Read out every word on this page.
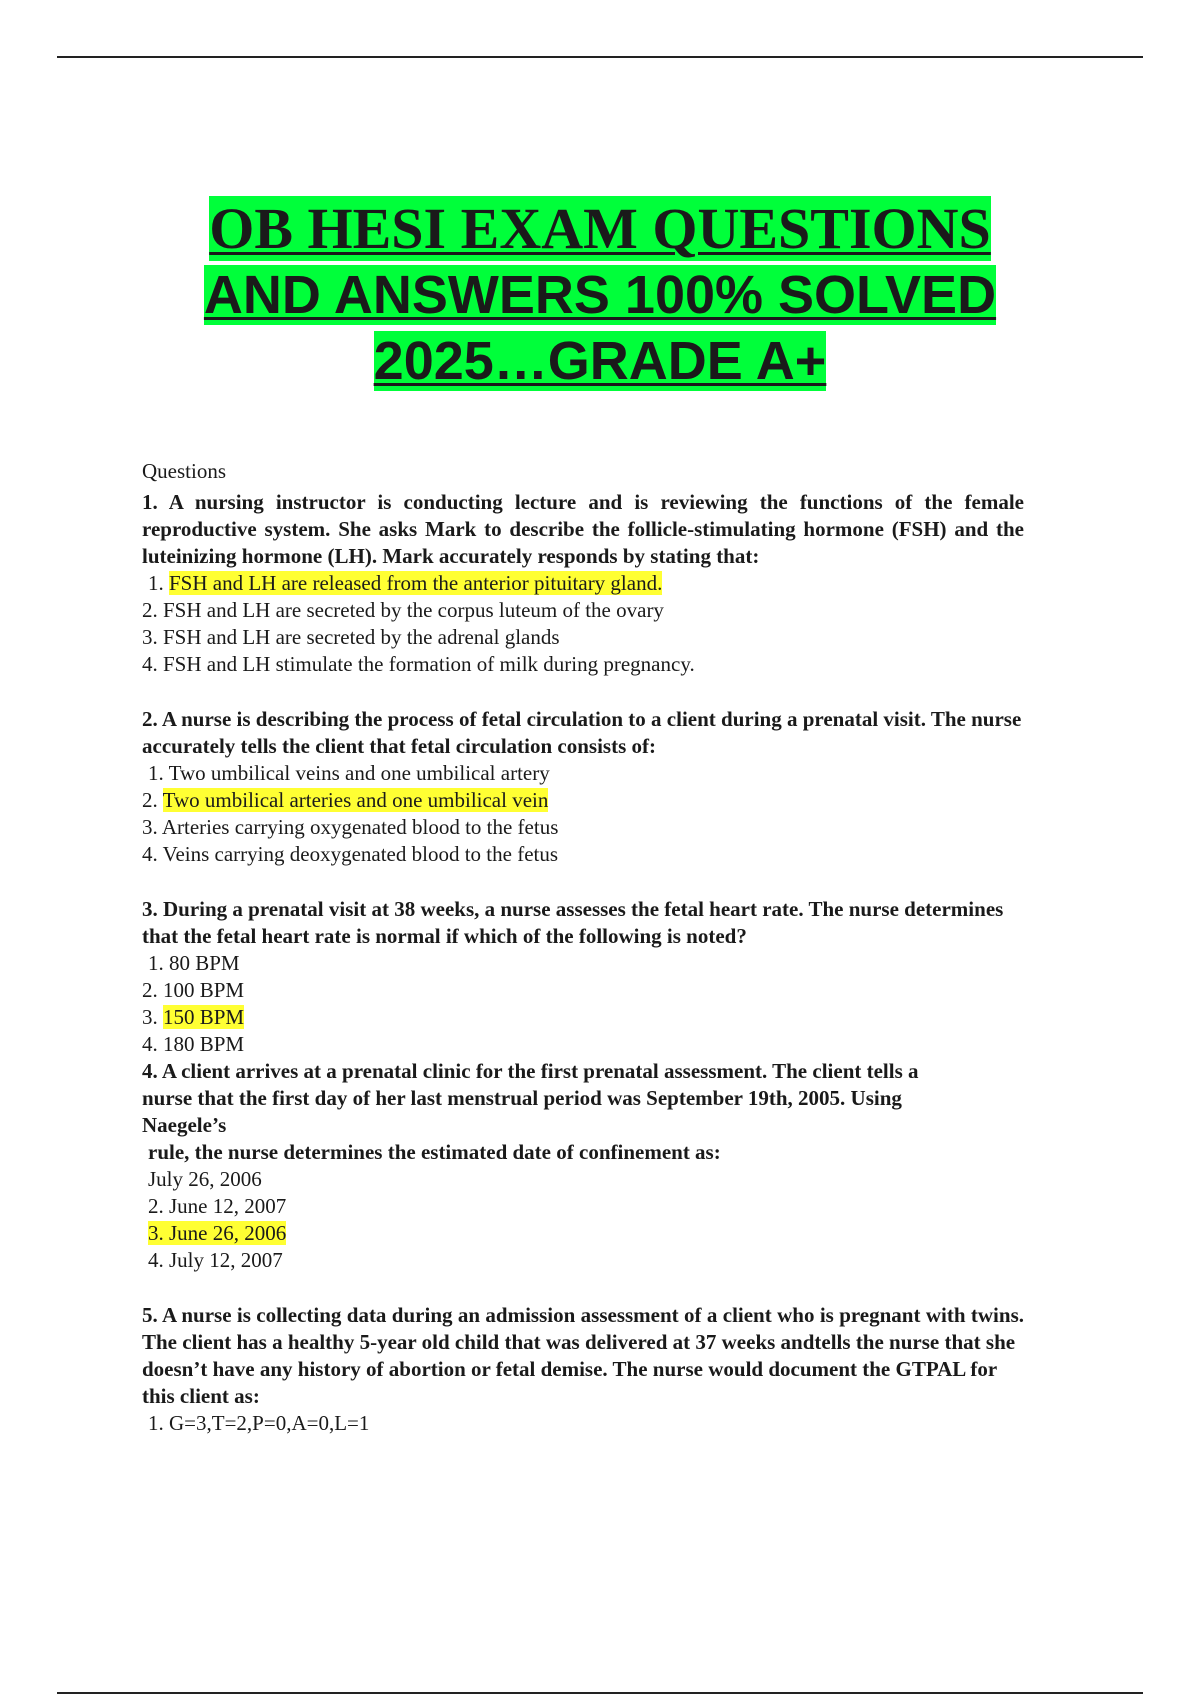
OB HESI EXAM QUESTIONS
AND ANSWERS 100% SOLVED
2025…GRADE A+

Questions

1. A nursing instructor is conducting lecture and is reviewing the functions of the female reproductive system. She asks Mark to describe the follicle-stimulating hormone (FSH) and the luteinizing hormone (LH). Mark accurately responds by stating that:

1. FSH and LH are released from the anterior pituitary gland.

2. FSH and LH are secreted by the corpus luteum of the ovary

3. FSH and LH are secreted by the adrenal glands

4. FSH and LH stimulate the formation of milk during pregnancy.

2. A nurse is describing the process of fetal circulation to a client during a prenatal visit. The nurse accurately tells the client that fetal circulation consists of:

1. Two umbilical veins and one umbilical artery

2. Two umbilical arteries and one umbilical vein

3. Arteries carrying oxygenated blood to the fetus

4. Veins carrying deoxygenated blood to the fetus

3. During a prenatal visit at 38 weeks, a nurse assesses the fetal heart rate. The nurse determines that the fetal heart rate is normal if which of the following is noted?

1. 80 BPM

2. 100 BPM

3. 150 BPM

4. 180 BPM

4. A client arrives at a prenatal clinic for the first prenatal assessment. The client tells a

nurse that the first day of her last menstrual period was September 19th, 2005. Using

Naegele’s

rule, the nurse determines the estimated date of confinement as:

July 26, 2006

2. June 12, 2007

3. June 26, 2006

4. July 12, 2007

5. A nurse is collecting data during an admission assessment of a client who is pregnant with twins. The client has a healthy 5-year old child that was delivered at 37 weeks andtells the nurse that she

doesn’t have any history of abortion or fetal demise. The nurse would document the GTPAL for this client as:

1. G=3,T=2,P=0,A=0,L=1
